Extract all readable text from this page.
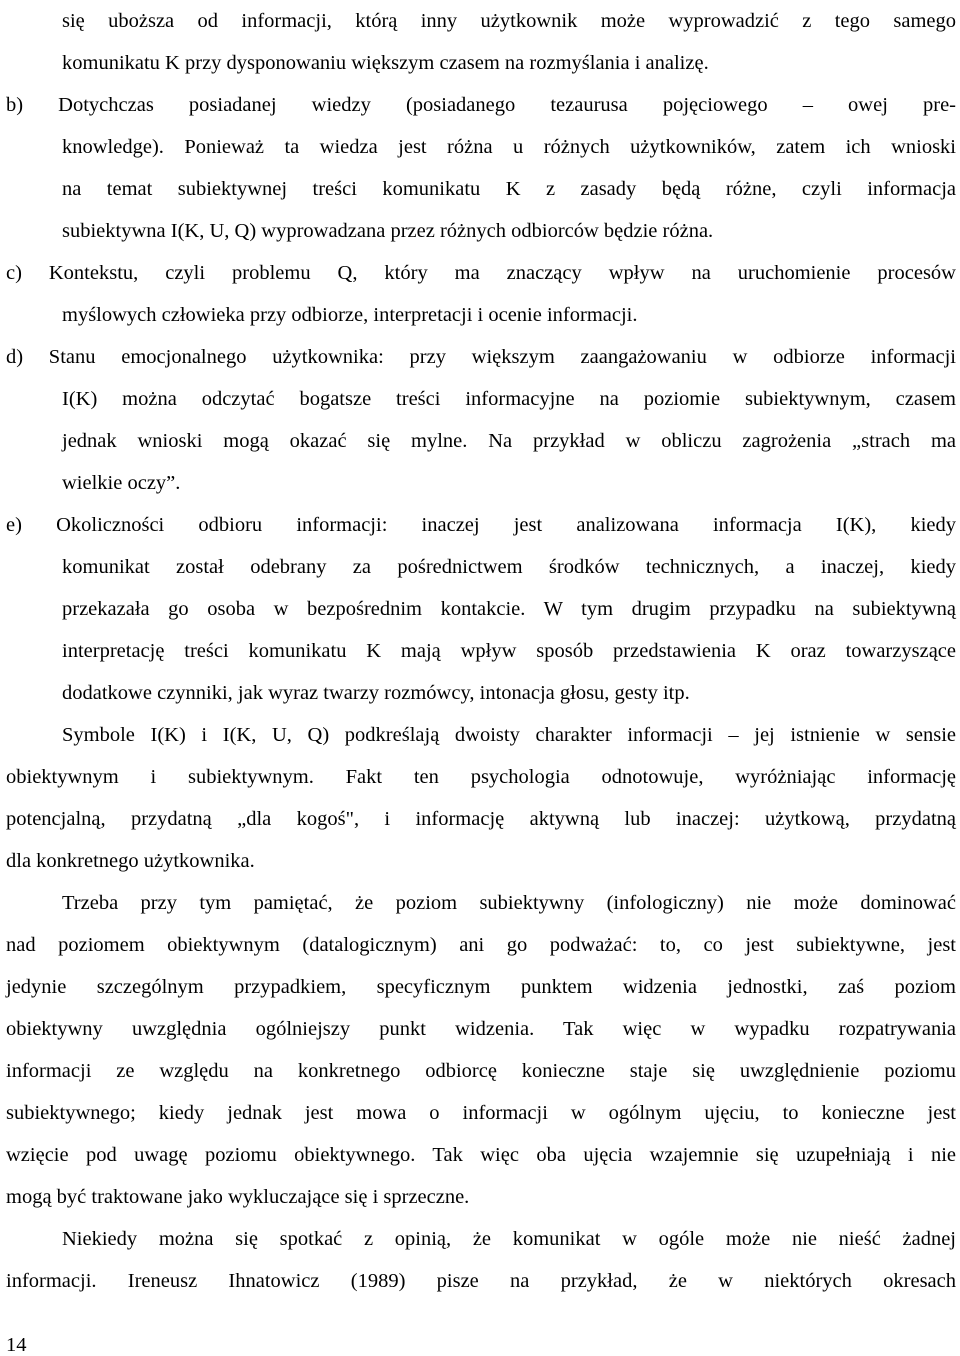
się uboższa od informacji, którą inny użytkownik może wyprowadzić z tego samego
komunikatu K przy dysponowaniu większym czasem na rozmyślania i analizę.
b) Dotychczas posiadanej wiedzy (posiadanego tezaurusa pojęciowego – owej pre-
knowledge). Ponieważ ta wiedza jest różna u różnych użytkowników, zatem ich wnioski
na temat subiektywnej treści komunikatu K z zasady będą różne, czyli informacja
subiektywna I(K, U, Q) wyprowadzana przez różnych odbiorców będzie różna.
c) Kontekstu, czyli problemu Q, który ma znaczący wpływ na uruchomienie procesów
myślowych człowieka przy odbiorze, interpretacji i ocenie informacji.
d) Stanu emocjonalnego użytkownika: przy większym zaangażowaniu w odbiorze informacji
I(K) można odczytać bogatsze treści informacyjne na poziomie subiektywnym, czasem
jednak wnioski mogą okazać się mylne. Na przykład w obliczu zagrożenia „strach ma
wielkie oczy”.
e) Okoliczności odbioru informacji: inaczej jest analizowana informacja I(K), kiedy
komunikat został odebrany za pośrednictwem środków technicznych, a inaczej, kiedy
przekazała go osoba w bezpośrednim kontakcie. W tym drugim przypadku na subiektywną
interpretację treści komunikatu K mają wpływ sposób przedstawienia K oraz towarzyszące
dodatkowe czynniki, jak wyraz twarzy rozmówcy, intonacja głosu, gesty itp.
Symbole I(K) i I(K, U, Q) podkreślają dwoisty charakter informacji – jej istnienie w sensie
obiektywnym i subiektywnym. Fakt ten psychologia odnotowuje, wyróżniając informację
potencjalną, przydatną „dla kogoś", i informację aktywną lub inaczej: użytkową, przydatną
dla konkretnego użytkownika.
Trzeba przy tym pamiętać, że poziom subiektywny (infologiczny) nie może dominować
nad poziomem obiektywnym (datalogicznym) ani go podważać: to, co jest subiektywne, jest
jedynie szczególnym przypadkiem, specyficznym punktem widzenia jednostki, zaś poziom
obiektywny uwzględnia ogólniejszy punkt widzenia. Tak więc w wypadku rozpatrywania
informacji ze względu na konkretnego odbiorcę konieczne staje się uwzględnienie poziomu
subiektywnego; kiedy jednak jest mowa o informacji w ogólnym ujęciu, to konieczne jest
wzięcie pod uwagę poziomu obiektywnego. Tak więc oba ujęcia wzajemnie się uzupełniają i nie
mogą być traktowane jako wykluczające się i sprzeczne.
Niekiedy można się spotkać z opinią, że komunikat w ogóle może nie nieść żadnej
informacji. Ireneusz Ihnatowicz (1989) pisze na przykład, że w niektórych okresach
14
